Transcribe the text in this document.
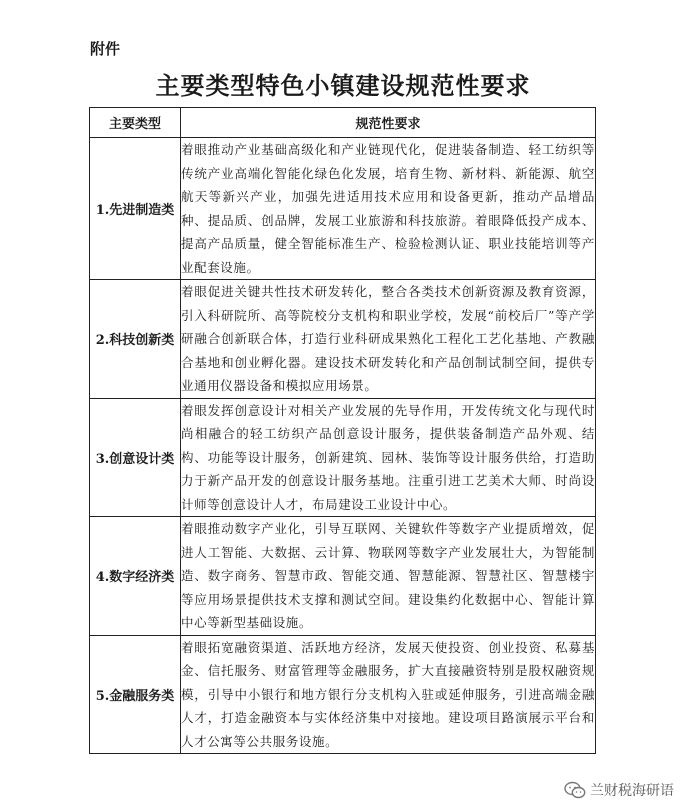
附件
主要类型特色小镇建设规范性要求
主要类型	规范性要求
1.先进制造类	着眼推动产业基础高级化和产业链现代化，促进装备制造、轻工纺织等传统产业高端化智能化绿色化发展，培育生物、新材料、新能源、航空航天等新兴产业，加强先进适用技术应用和设备更新，推动产品增品种、提品质、创品牌，发展工业旅游和科技旅游。着眼降低投产成本、提高产品质量，健全智能标准生产、检验检测认证、职业技能培训等产业配套设施。
2.科技创新类	着眼促进关键共性技术研发转化，整合各类技术创新资源及教育资源，引入科研院所、高等院校分支机构和职业学校，发展“前校后厂”等产学研融合创新联合体，打造行业科研成果熟化工程化工艺化基地、产教融合基地和创业孵化器。建设技术研发转化和产品创制试制空间，提供专业通用仪器设备和模拟应用场景。
3.创意设计类	着眼发挥创意设计对相关产业发展的先导作用，开发传统文化与现代时尚相融合的轻工纺织产品创意设计服务，提供装备制造产品外观、结构、功能等设计服务，创新建筑、园林、装饰等设计服务供给，打造助力于新产品开发的创意设计服务基地。注重引进工艺美术大师、时尚设计师等创意设计人才，布局建设工业设计中心。
4.数字经济类	着眼推动数字产业化，引导互联网、关键软件等数字产业提质增效，促进人工智能、大数据、云计算、物联网等数字产业发展壮大，为智能制造、数字商务、智慧市政、智能交通、智慧能源、智慧社区、智慧楼宇等应用场景提供技术支撑和测试空间。建设集约化数据中心、智能计算中心等新型基础设施。
5.金融服务类	着眼拓宽融资渠道、活跃地方经济，发展天使投资、创业投资、私募基金、信托服务、财富管理等金融服务，扩大直接融资特别是股权融资规模，引导中小银行和地方银行分支机构入驻或延伸服务，引进高端金融人才，打造金融资本与实体经济集中对接地。建设项目路演展示平台和人才公寓等公共服务设施。
兰财税海研语
